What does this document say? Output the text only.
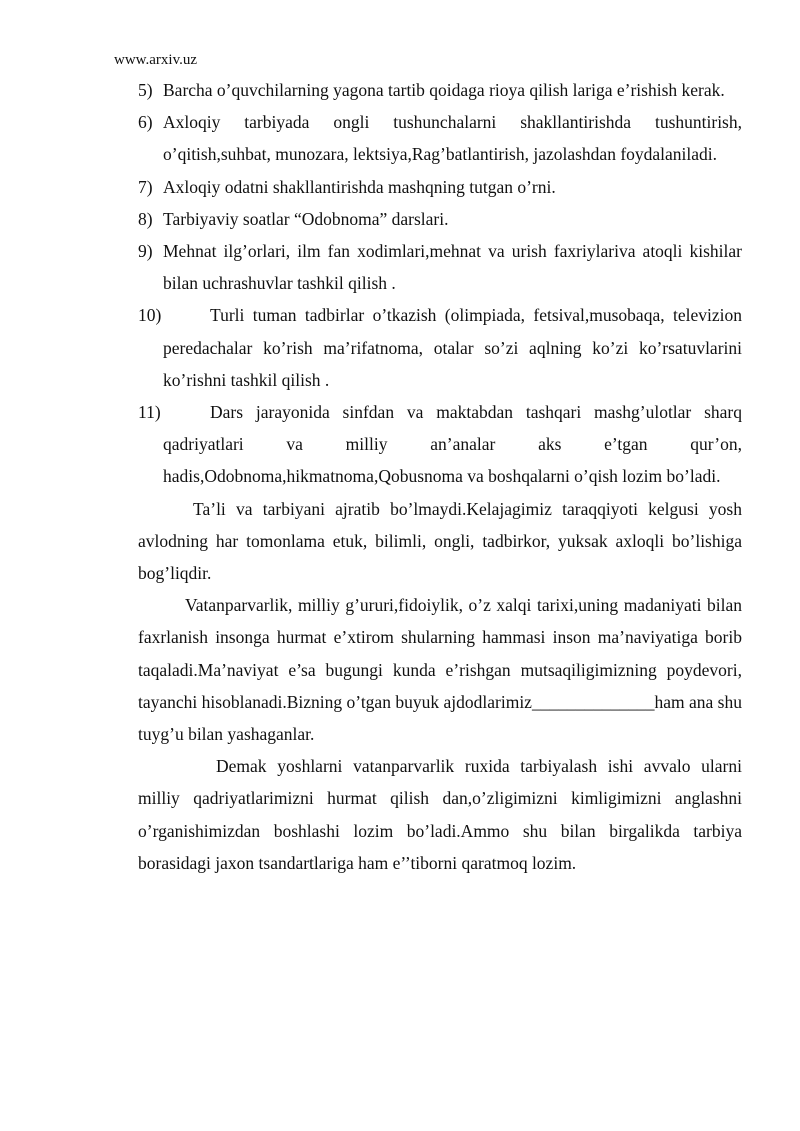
www.arxiv.uz
5) Barcha o’quvchilarning yagona tartib qoidaga rioya qilish lariga e’rishish kerak.
6) Axloqiy tarbiyada ongli tushunchalarni shakllantirishda tushuntirish, o’qitish,suhbat, munozara, lektsiya,Rag’batlantirish, jazolashdan foydalaniladi.
7) Axloqiy odatni shakllantirishda mashqning tutgan o’rni.
8) Tarbiyaviy soatlar “Odobnoma” darslari.
9) Mehnat ilg’orlari, ilm fan xodimlari,mehnat va urish faxriylariva atoqli kishilar bilan uchrashuvlar tashkil qilish .
10)	Turli tuman tadbirlar o’tkazish (olimpiada, fetsival,musobaqa, televizion peredachalar ko’rish ma’rifatnoma, otalar so’zi aqlning ko’zi ko’rsatuvlarini ko’rishni tashkil qilish .
11)	Dars jarayonida sinfdan va maktabdan tashqari mashg’ulotlar sharq qadriyatlari va milliy an’analar aks e’tgan qur’on, hadis,Odobnoma,hikmatnoma,Qobusnoma va boshqalarni o’qish lozim bo’ladi.
Ta’li va tarbiyani ajratib bo’lmaydi.Kelajagimiz taraqqiyoti kelgusi yosh avlodning har tomonlama etuk, bilimli, ongli, tadbirkor, yuksak axloqli bo’lishiga bog’liqdir.
Vatanparvarlik, milliy g’ururi,fidoiylik, o’z xalqi tarixi,uning madaniyati bilan faxrlanish insonga hurmat e’xtirom shularning hammasi inson ma’naviyatiga borib taqaladi.Ma’naviyat e’sa bugungi kunda e’rishgan mutsaqiligimizning poydevori, tayanchi hisoblanadi.Bizning o’tgan buyuk ajdodlarimiz______________ham ana shu tuyg’u bilan yashaganlar.
Demak yoshlarni vatanparvarlik ruxida tarbiyalash ishi avvalo ularni milliy qadriyatlarimizni hurmat qilish dan,o’zligimizni kimligimizni anglashni o’rganishimizdan boshlashi lozim bo’ladi.Ammo shu bilan birgalikda tarbiya borasidagi jaxon tsandartlariga ham e’’tiborni qaratmoq lozim.
